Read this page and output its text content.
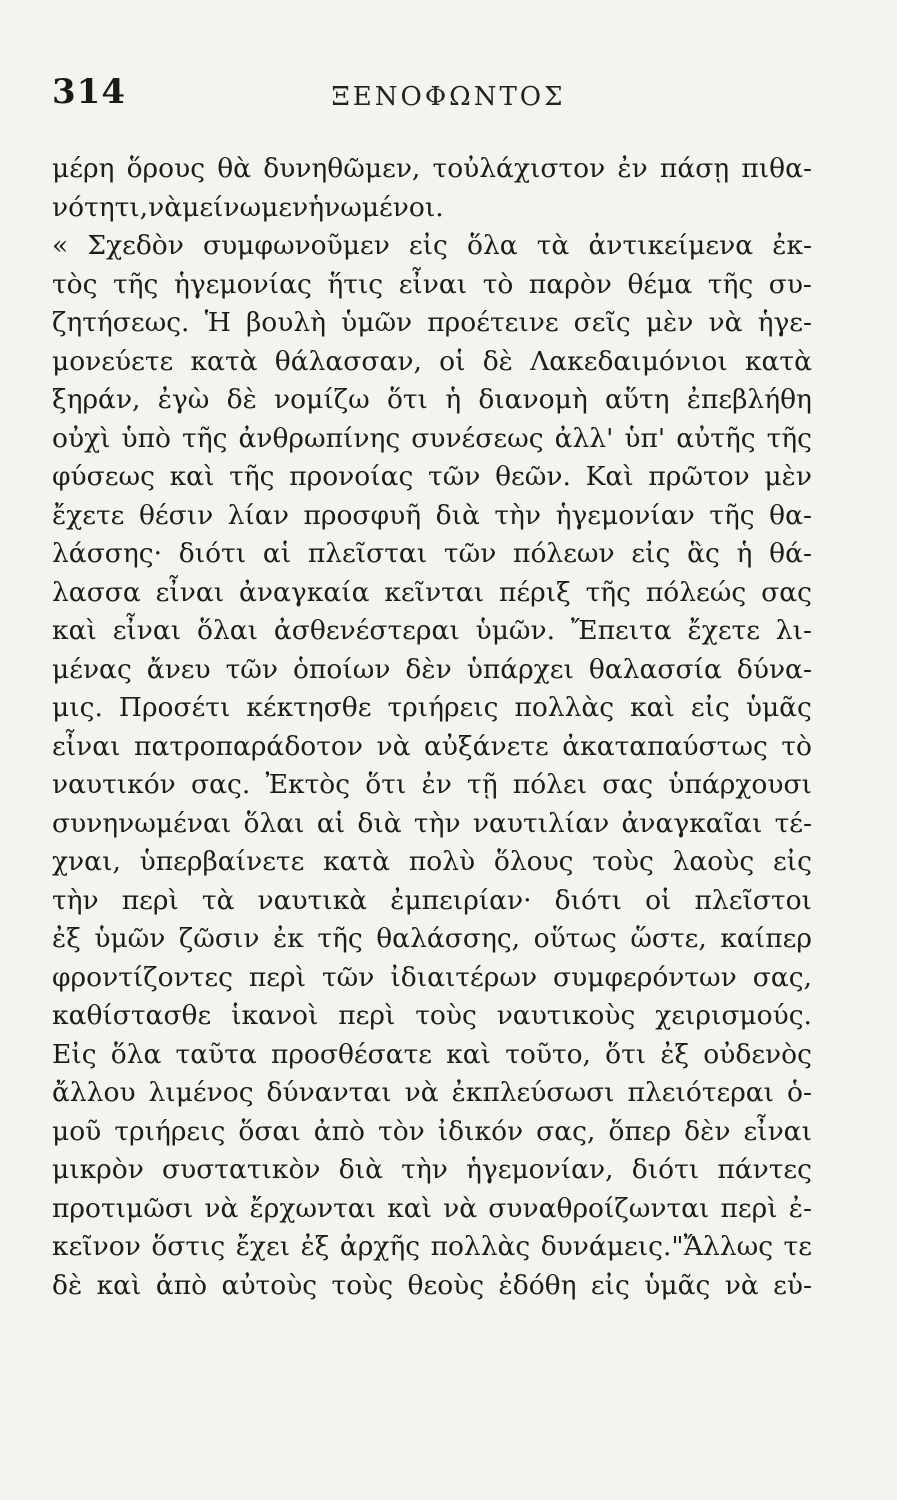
314	ΞΕΝΟΦΩΝΤΟΣ
μέρη ὅρους θὰ δυνηθῶμεν, τοὐλάχιστον ἐν πάσῃ πιθα-
νότητι, νὰ μείνωμεν ἡνωμένοι.
« Σχεδὸν συμφωνοῦμεν εἰς ὅλα τὰ ἀντικείμενα ἐκ-
τὸς τῆς ἡγεμονίας ἥτις εἶναι τὸ παρὸν θέμα τῆς συ-
ζητήσεως. Ἡ βουλὴ ὑμῶν προέτεινε σεῖς μὲν νὰ ἡγε-
μονεύετε κατὰ θάλασσαν, οἱ δὲ Λακεδαιμόνιοι κατὰ
ξηράν, ἐγὼ δὲ νομίζω ὅτι ἡ διανομὴ αὕτη ἐπεβλήθη
οὐχὶ ὑπὸ τῆς ἀνθρωπίνης συνέσεως ἀλλ' ὑπ' αὐτῆς τῆς
φύσεως καὶ τῆς προνοίας τῶν θεῶν. Καὶ πρῶτον μὲν
ἔχετε θέσιν λίαν προσφυῆ διὰ τὴν ἡγεμονίαν τῆς θα-
λάσσης· διότι αἱ πλεῖσται τῶν πόλεων εἰς ἃς ἡ θά-
λασσα εἶναι ἀναγκαία κεῖνται πέριξ τῆς πόλεώς σας
καὶ εἶναι ὅλαι ἀσθενέστεραι ὑμῶν. Ἔπειτα ἔχετε λι-
μένας ἄνευ τῶν ὁποίων δὲν ὑπάρχει θαλασσία δύνα-
μις. Προσέτι κέκτησθε τριήρεις πολλὰς καὶ εἰς ὑμᾶς
εἶναι πατροπαράδοτον νὰ αὐξάνετε ἀκαταπαύστως τὸ
ναυτικόν σας. Ἐκτὸς ὅτι ἐν τῇ πόλει σας ὑπάρχουσι
συνηνωμέναι ὅλαι αἱ διὰ τὴν ναυτιλίαν ἀναγκαῖαι τέ-
χναι, ὑπερβαίνετε κατὰ πολὺ ὅλους τοὺς λαοὺς εἰς
τὴν περὶ τὰ ναυτικὰ ἐμπειρίαν· διότι οἱ πλεῖστοι
ἐξ ὑμῶν ζῶσιν ἐκ τῆς θαλάσσης, οὕτως ὥστε, καίπερ
φροντίζοντες περὶ τῶν ἰδιαιτέρων συμφερόντων σας,
καθίστασθε ἱκανοὶ περὶ τοὺς ναυτικοὺς χειρισμούς.
Εἰς ὅλα ταῦτα προσθέσατε καὶ τοῦτο, ὅτι ἐξ οὐδενὸς
ἄλλου λιμένος δύνανται νὰ ἐκπλεύσωσι πλειότεραι ὁ-
μοῦ τριήρεις ὅσαι ἀπὸ τὸν ἰδικόν σας, ὅπερ δὲν εἶναι
μικρὸν συστατικὸν διὰ τὴν ἡγεμονίαν, διότι πάντες
προτιμῶσι νὰ ἔρχωνται καὶ νὰ συναθροίζωνται περὶ ἐ-
κεῖνον ὅστις ἔχει ἐξ ἀρχῆς πολλὰς δυνάμεις."Ἄλλως τε
δὲ καὶ ἀπὸ αὐτοὺς τοὺς θεοὺς ἐδόθη εἰς ὑμᾶς νὰ εὑ-
